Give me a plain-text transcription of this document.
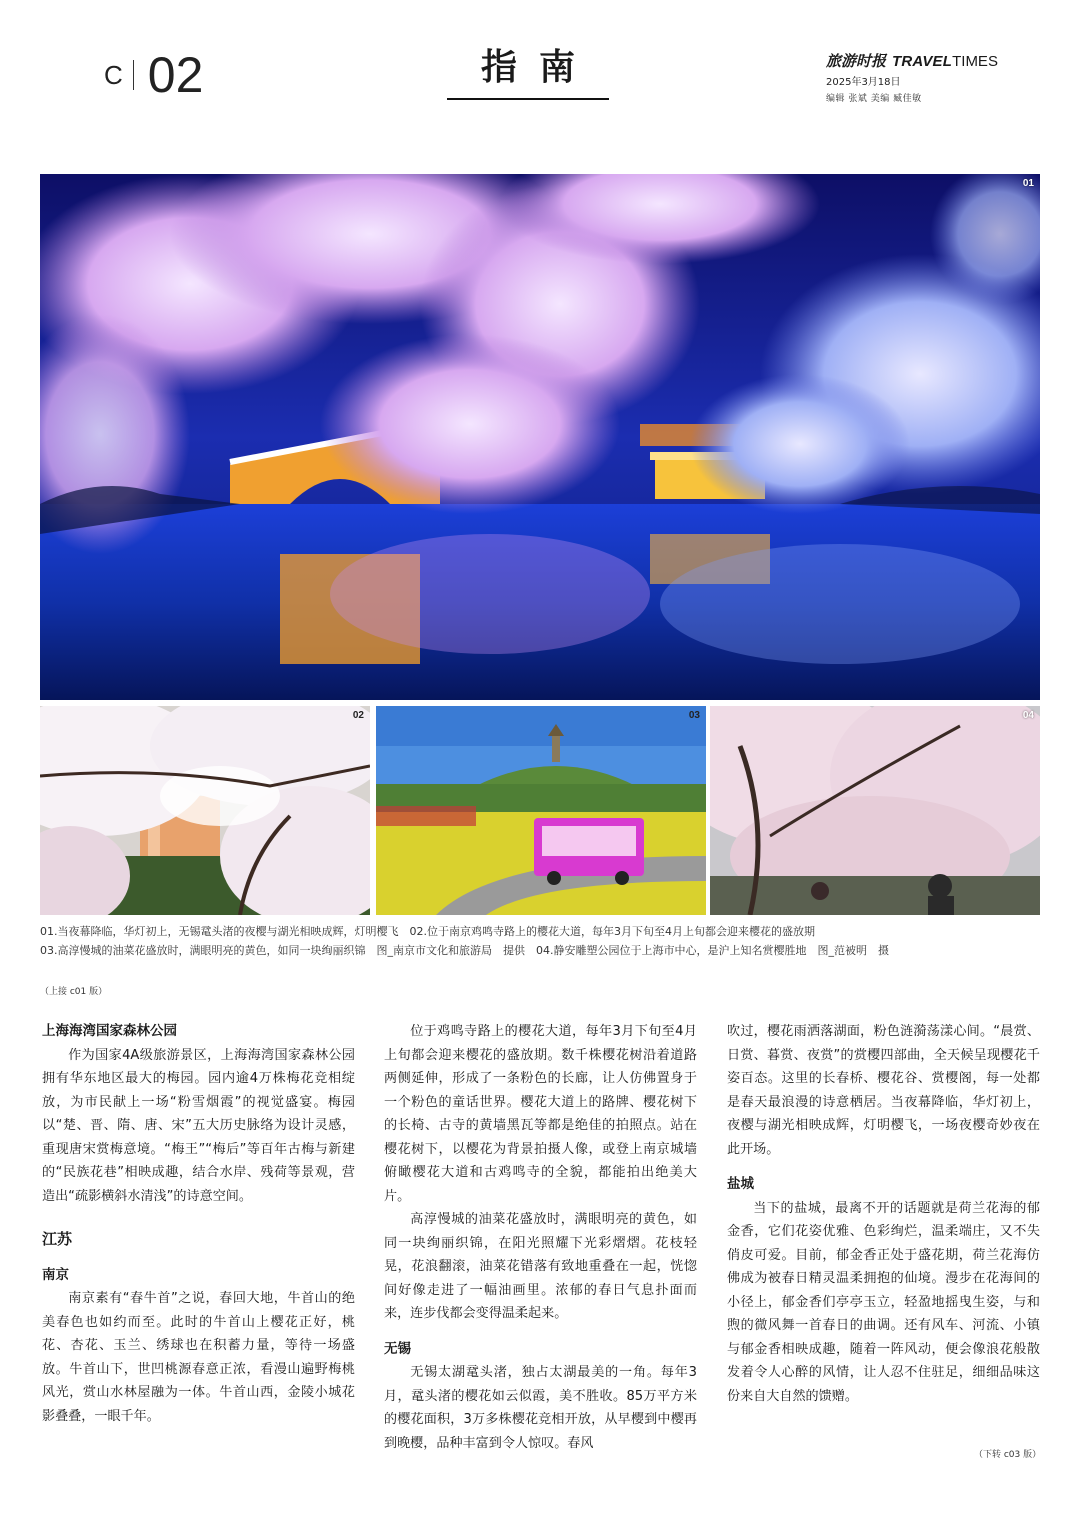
C 02	指南	旅游时报 TRAVEL TIMES
2025年3月18日
编辑 张斌 美编 臧佳敏
01
02	03	04
01.当夜幕降临，华灯初上，无锡鼋头渚的夜樱与湖光相映成辉，灯明樱飞　02.位于南京鸡鸣寺路上的樱花大道，每年3月下旬至4月上旬都会迎来樱花的盛放期
03.高淳慢城的油菜花盛放时，满眼明亮的黄色，如同一块绚丽织锦　图_南京市文化和旅游局　提供　04.静安雕塑公园位于上海市中心，是沪上知名赏樱胜地　图_范被明　摄
（上接 c01 版）
上海海湾国家森林公园

作为国家4A级旅游景区，上海海湾国家森林公园拥有华东地区最大的梅园。园内逾4万株梅花竞相绽放，为市民献上一场“粉雪烟霞”的视觉盛宴。梅园以“楚、晋、隋、唐、宋”五大历史脉络为设计灵感，重现唐宋赏梅意境。“梅王”“梅后”等百年古梅与新建的“民族花巷”相映成趣，结合水岸、残荷等景观，营造出“疏影横斜水清浅”的诗意空间。

江苏
南京

南京素有“春牛首”之说，春回大地，牛首山的绝美春色也如约而至。此时的牛首山上樱花正好，桃花、杏花、玉兰、绣球也在积蓄力量，等待一场盛放。牛首山下，世凹桃源春意正浓，看漫山遍野梅桃风光，赏山水林屋融为一体。牛首山西，金陵小城花影叠叠，一眼千年。

位于鸡鸣寺路上的樱花大道，每年3月下旬至4月上旬都会迎来樱花的盛放期。数千株樱花树沿着道路两侧延伸，形成了一条粉色的长廊，让人仿佛置身于一个粉色的童话世界。樱花大道上的路牌、樱花树下的长椅、古寺的黄墙黑瓦等都是绝佳的拍照点。站在樱花树下，以樱花为背景拍摄人像，或登上南京城墙俯瞰樱花大道和古鸡鸣寺的全貌，都能拍出绝美大片。

高淳慢城的油菜花盛放时，满眼明亮的黄色，如同一块绚丽织锦，在阳光照耀下光彩熠熠。花枝轻晃，花浪翻滚，油菜花错落有致地重叠在一起，恍惚间好像走进了一幅油画里。浓郁的春日气息扑面而来，连步伐都会变得温柔起来。

无锡

无锡太湖鼋头渚，独占太湖最美的一角。每年3月，鼋头渚的樱花如云似霞，美不胜收。85万平方米的樱花面积，3万多株樱花竞相开放，从早樱到中樱再到晚樱，品种丰富到令人惊叹。春风

吹过，樱花雨洒落湖面，粉色涟漪荡漾心间。“晨赏、日赏、暮赏、夜赏”的赏樱四部曲，全天候呈现樱花千姿百态。这里的长春桥、樱花谷、赏樱阁，每一处都是春天最浪漫的诗意栖居。当夜幕降临，华灯初上，夜樱与湖光相映成辉，灯明樱飞，一场夜樱奇妙夜在此开场。

盐城

当下的盐城，最离不开的话题就是荷兰花海的郁金香，它们花姿优雅、色彩绚烂，温柔端庄，又不失俏皮可爱。目前，郁金香正处于盛花期，荷兰花海仿佛成为被春日精灵温柔拥抱的仙境。漫步在花海间的小径上，郁金香们亭亭玉立，轻盈地摇曳生姿，与和煦的微风舞一首春日的曲调。还有风车、河流、小镇与郁金香相映成趣，随着一阵风动，便会像浪花般散发着令人心醉的风情，让人忍不住驻足，细细品味这份来自大自然的馈赠。

（下转 c03 版）
